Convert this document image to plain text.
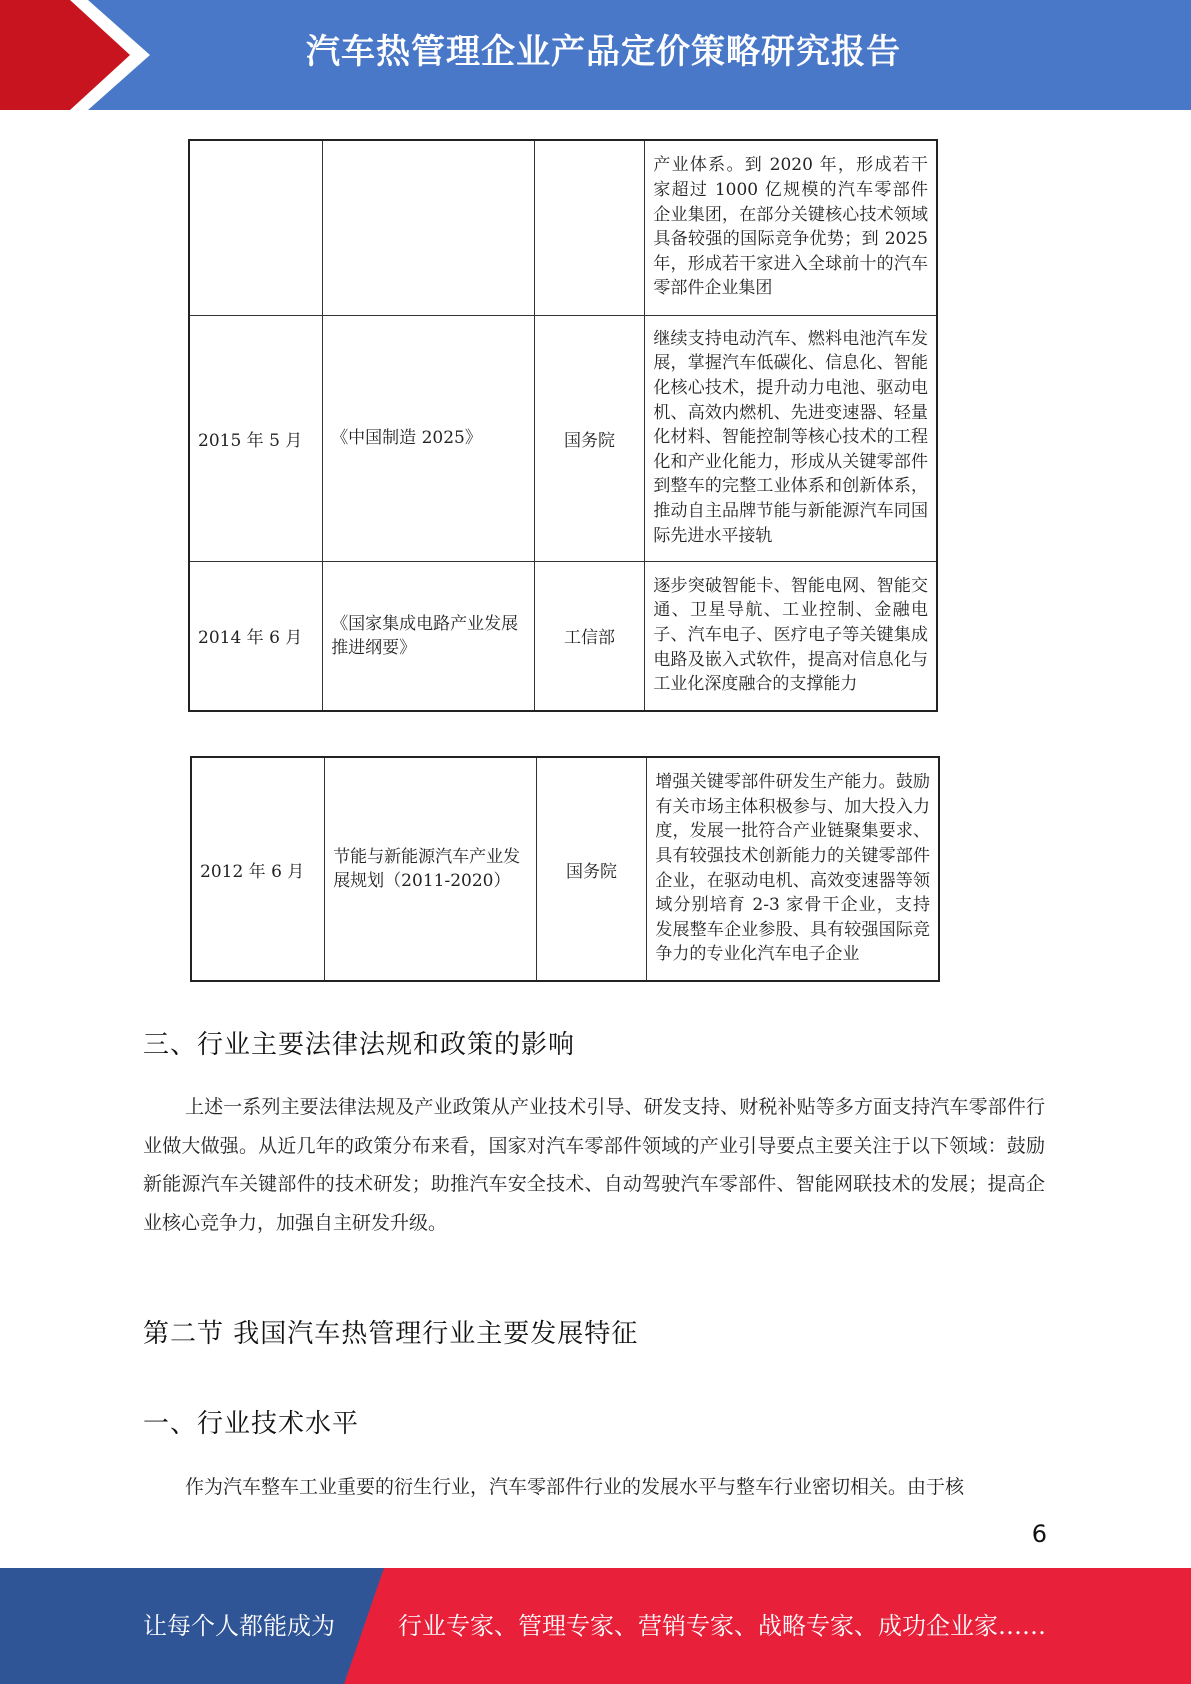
汽车热管理企业产品定价策略研究报告
			产业体系。到 2020 年，形成若干家超过 1000 亿规模的汽车零部件企业集团，在部分关键核心技术领域具备较强的国际竞争优势；到 2025 年，形成若干家进入全球前十的汽车零部件企业集团
2015 年 5 月	《中国制造 2025》	国务院	继续支持电动汽车、燃料电池汽车发展，掌握汽车低碳化、信息化、智能化核心技术，提升动力电池、驱动电机、高效内燃机、先进变速器、轻量化材料、智能控制等核心技术的工程化和产业化能力，形成从关键零部件到整车的完整工业体系和创新体系，推动自主品牌节能与新能源汽车同国际先进水平接轨
2014 年 6 月	《国家集成电路产业发展推进纲要》	工信部	逐步突破智能卡、智能电网、智能交通、卫星导航、工业控制、金融电子、汽车电子、医疗电子等关键集成电路及嵌入式软件，提高对信息化与工业化深度融合的支撑能力
2012 年 6 月	节能与新能源汽车产业发展规划（2011-2020）	国务院	增强关键零部件研发生产能力。鼓励有关市场主体积极参与、加大投入力度，发展一批符合产业链聚集要求、具有较强技术创新能力的关键零部件企业，在驱动电机、高效变速器等领域分别培育 2-3 家骨干企业，支持发展整车企业参股、具有较强国际竞争力的专业化汽车电子企业
三、行业主要法律法规和政策的影响
上述一系列主要法律法规及产业政策从产业技术引导、研发支持、财税补贴等多方面支持汽车零部件行业做大做强。从近几年的政策分布来看，国家对汽车零部件领域的产业引导要点主要关注于以下领域：鼓励新能源汽车关键部件的技术研发；助推汽车安全技术、自动驾驶汽车零部件、智能网联技术的发展；提高企业核心竞争力，加强自主研发升级。
第二节 我国汽车热管理行业主要发展特征
一、行业技术水平
作为汽车整车工业重要的衍生行业，汽车零部件行业的发展水平与整车行业密切相关。由于核
6
让每个人都能成为	行业专家、管理专家、营销专家、战略专家、成功企业家……
